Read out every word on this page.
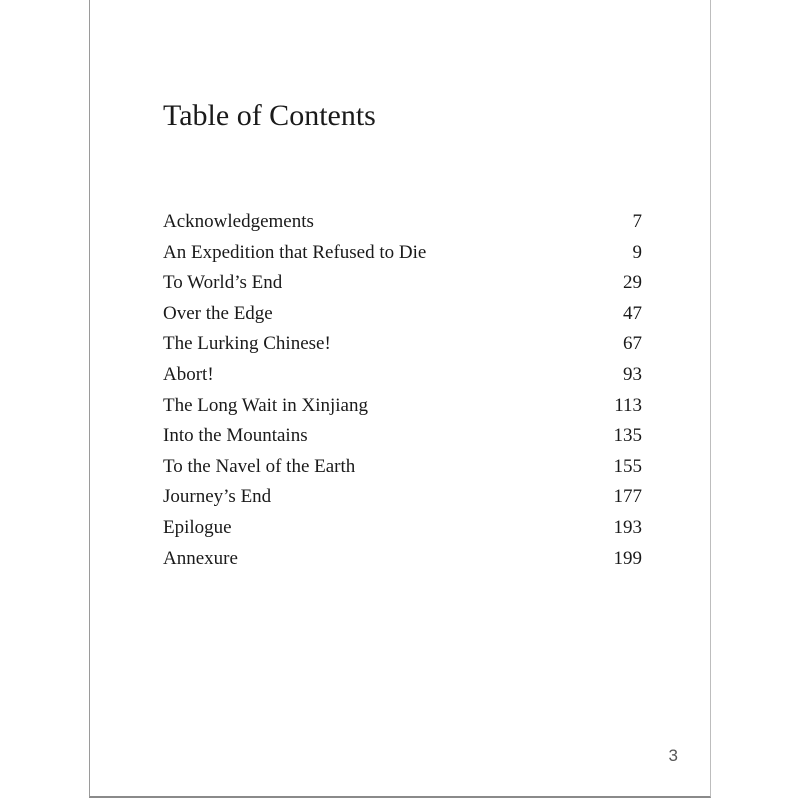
Table of Contents
Acknowledgements	7
An Expedition that Refused to Die	9
To World’s End	29
Over the Edge	47
The Lurking Chinese!	67
Abort!	93
The Long Wait in Xinjiang	113
Into the Mountains	135
To the Navel of the Earth	155
Journey’s End	177
Epilogue	193
Annexure	199
3
